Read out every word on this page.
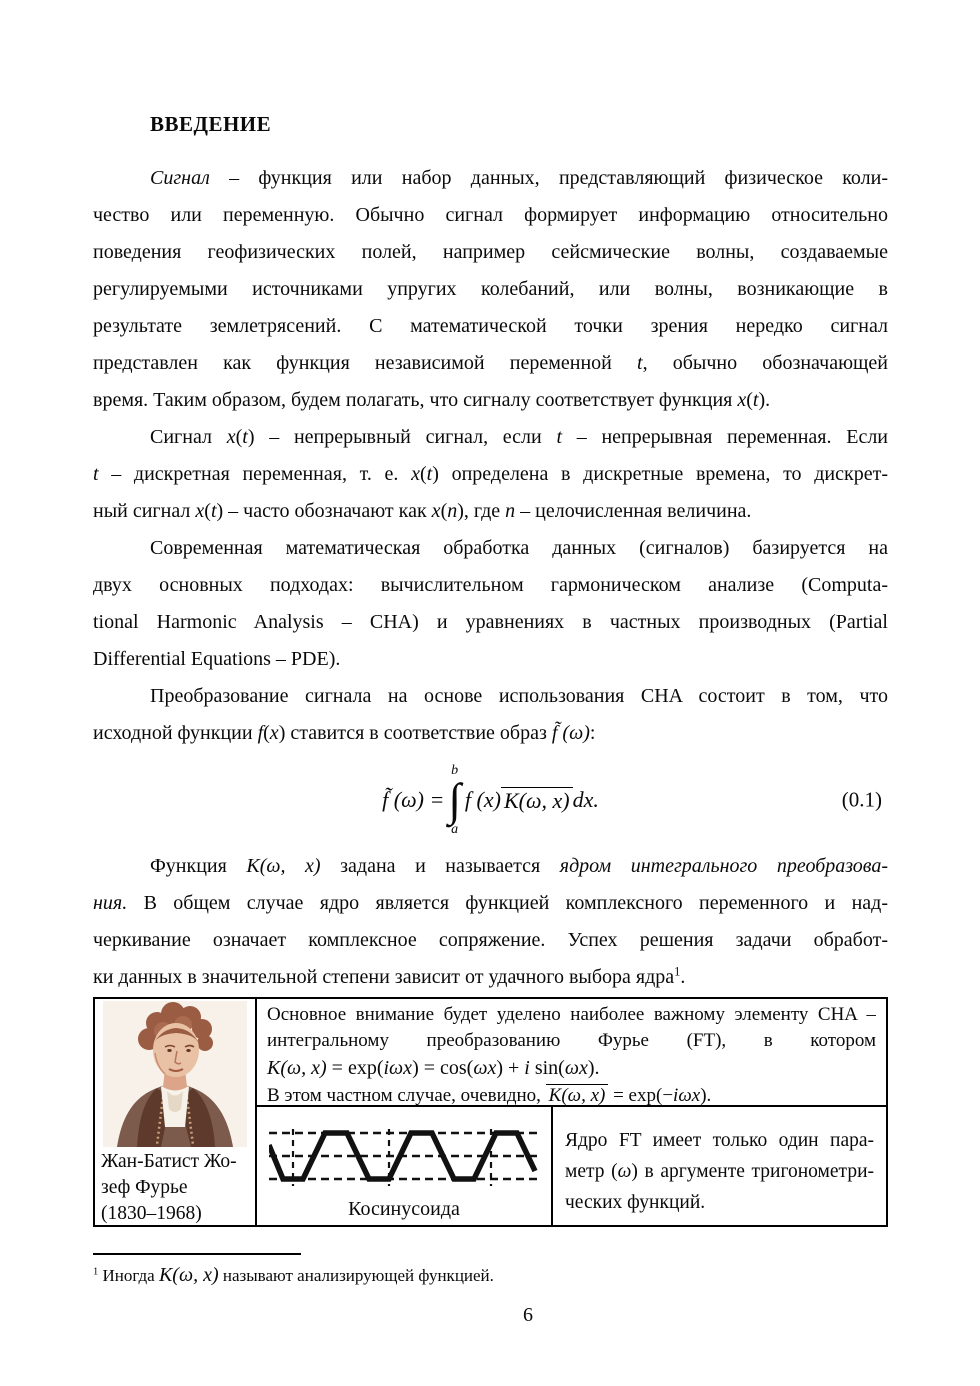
ВВЕДЕНИЕ
Сигнал – функция или набор данных, представляющий физическое коли-
чество или переменную. Обычно сигнал формирует информацию относительно
поведения геофизических полей, например сейсмические волны, создаваемые
регулируемыми источниками упругих колебаний, или волны, возникающие в
результате землетрясений. С математической точки зрения нередко сигнал
представлен как функция независимой переменной t, обычно обозначающей
время. Таким образом, будем полагать, что сигналу соответствует функция x(t).
Сигнал x(t) – непрерывный сигнал, если t – непрерывная переменная. Если
t – дискретная переменная, т. е. x(t) определена в дискретные времена, то дискрет-
ный сигнал x(t) – часто обозначают как x(n), где n – целочисленная величина.
Современная математическая обработка данных (сигналов) базируется на
двух основных подходах: вычислительном гармоническом анализе (Computa-
tional Harmonic Analysis – CHA) и уравнениях в частных производных (Partial
Differential Equations – PDE).
Преобразование сигнала на основе использования CHA состоит в том, что
исходной функции f(x) ставится в соответствие образ f̃ (ω):
f̃ (ω) =
b
∫
a
f (x) K(ω, x) dx.	(0.1)
Функция K(ω, x) задана и называется ядром интегрального преобразова-
ния. В общем случае ядро является функцией комплексного переменного и над-
черкивание означает комплексное сопряжение. Успех решения задачи обработ-
ки данных в значительной степени зависит от удачного выбора ядра$^1$.
Жан-Батист Жо-
зеф Фурье
(1830–1968)
Основное внимание будет уделено наиболее важному элементу CHA –
интегральному преобразованию Фурье (FT), в котором
K(ω, x) = exp(iωx) = cos(ωx) + i sin(ωx).
В этом частном случае, очевидно, K(ω, x) = exp(−iωx).
Косинусоида
Ядро FT имеет только один пара-
метр (ω) в аргументе тригонометри-
ческих функций.
$^1$ Иногда K(ω, x) называют анализирующей функцией.
6
